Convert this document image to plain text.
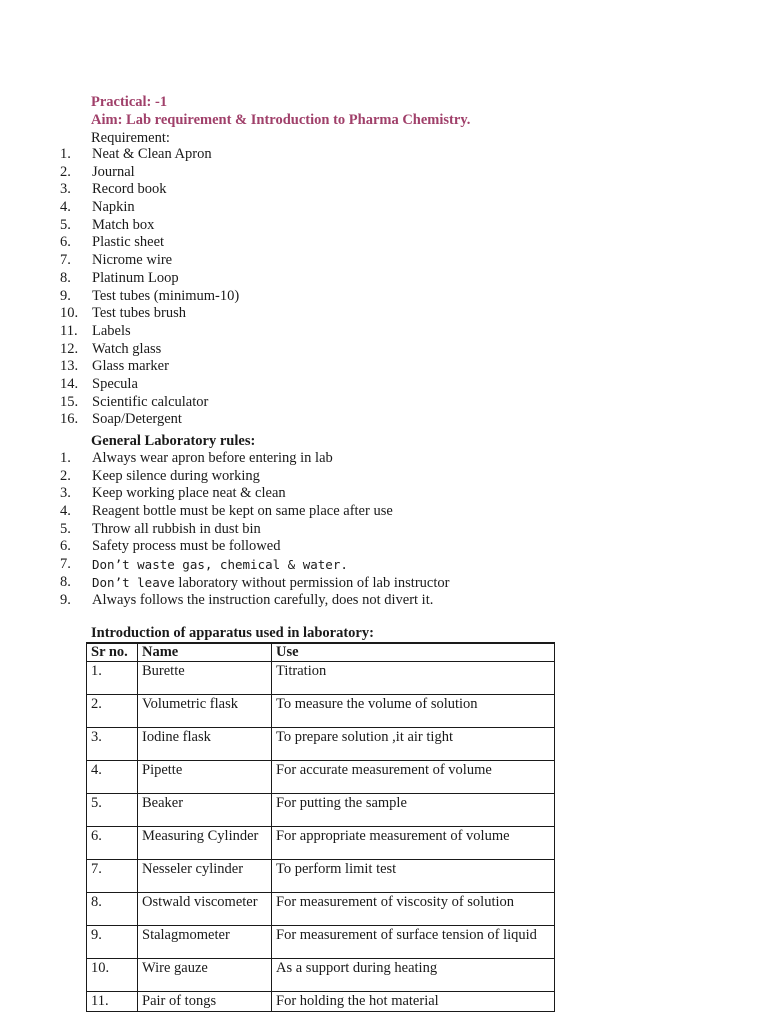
Practical: -1
Aim: Lab requirement & Introduction to Pharma Chemistry.
Requirement:
1.	Neat & Clean Apron
2.	Journal
3.	Record book
4.	Napkin
5.	Match box
6.	Plastic sheet
7.	Nicrome wire
8.	Platinum Loop
9.	Test tubes (minimum-10)
10. Test tubes brush
11. Labels
12. Watch glass
13. Glass marker
14. Specula
15. Scientific calculator
16. Soap/Detergent
General Laboratory rules:
1.	Always wear apron before entering in lab
2.	Keep silence during working
3.	Keep working place neat & clean
4.	Reagent bottle must be kept on same place after use
5.	Throw all rubbish in dust bin
6.	Safety process must be followed
7.	Don’t waste gas, chemical & water.
8.	Don’t leave laboratory without permission of lab instructor
9.	Always follows the instruction carefully, does not divert it.
Introduction of apparatus used in laboratory:
Sr no.	Name	Use
1.	Burette	Titration
2.	Volumetric flask	To measure the volume of solution
3.	Iodine flask	To prepare solution ,it air tight
4.	Pipette	For accurate measurement of volume
5.	Beaker	For putting the sample
6.	Measuring Cylinder	For appropriate measurement of volume
7.	Nesseler cylinder	To perform limit test
8.	Ostwald viscometer	For measurement of viscosity of solution
9.	Stalagmometer	For measurement of surface tension of liquid
10.	Wire gauze	As a support during heating
11.	Pair of tongs	For holding the hot material
